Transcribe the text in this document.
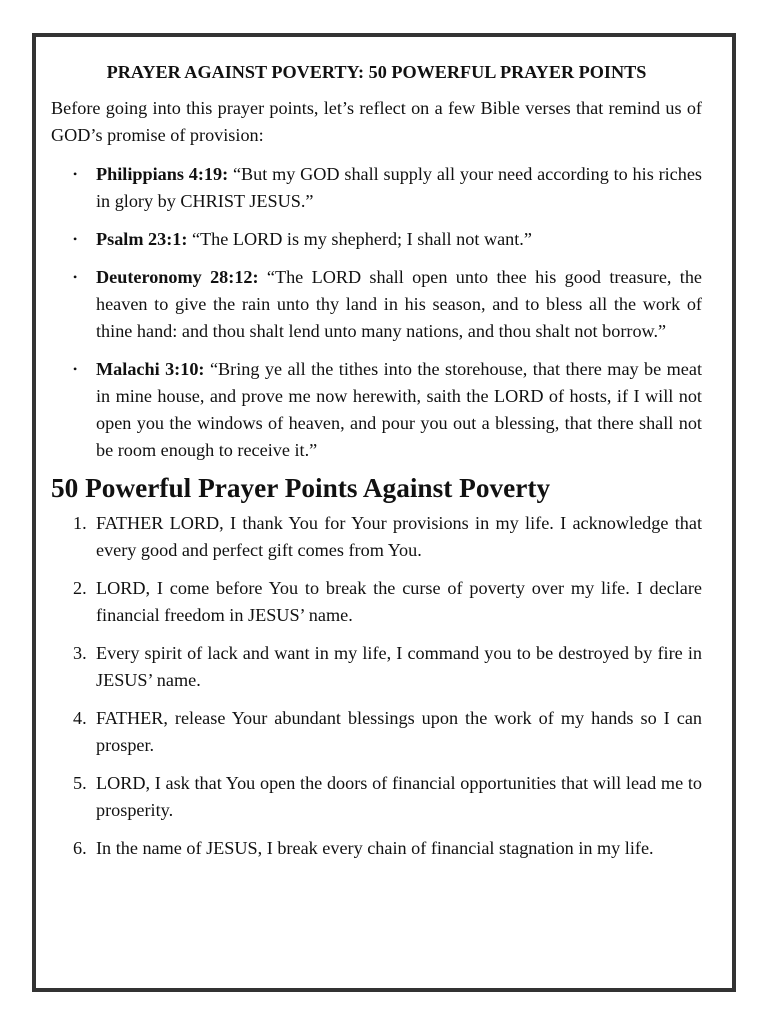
PRAYER AGAINST POVERTY: 50 POWERFUL PRAYER POINTS

Before going into this prayer points, let’s reflect on a few Bible verses that remind us of GOD’s promise of provision:

• Philippians 4:19: “But my GOD shall supply all your need according to his riches in glory by CHRIST JESUS.”
• Psalm 23:1: “The LORD is my shepherd; I shall not want.”
• Deuteronomy 28:12: “The LORD shall open unto thee his good treasure, the heaven to give the rain unto thy land in his season, and to bless all the work of thine hand: and thou shalt lend unto many nations, and thou shalt not borrow.”
• Malachi 3:10: “Bring ye all the tithes into the storehouse, that there may be meat in mine house, and prove me now herewith, saith the LORD of hosts, if I will not open you the windows of heaven, and pour you out a blessing, that there shall not be room enough to receive it.”
50 Powerful Prayer Points Against Poverty
1. FATHER LORD, I thank You for Your provisions in my life. I acknowledge that every good and perfect gift comes from You.
2. LORD, I come before You to break the curse of poverty over my life. I declare financial freedom in JESUS’ name.
3. Every spirit of lack and want in my life, I command you to be destroyed by fire in JESUS’ name.
4. FATHER, release Your abundant blessings upon the work of my hands so I can prosper.
5. LORD, I ask that You open the doors of financial opportunities that will lead me to prosperity.
6. In the name of JESUS, I break every chain of financial stagnation in my life.
